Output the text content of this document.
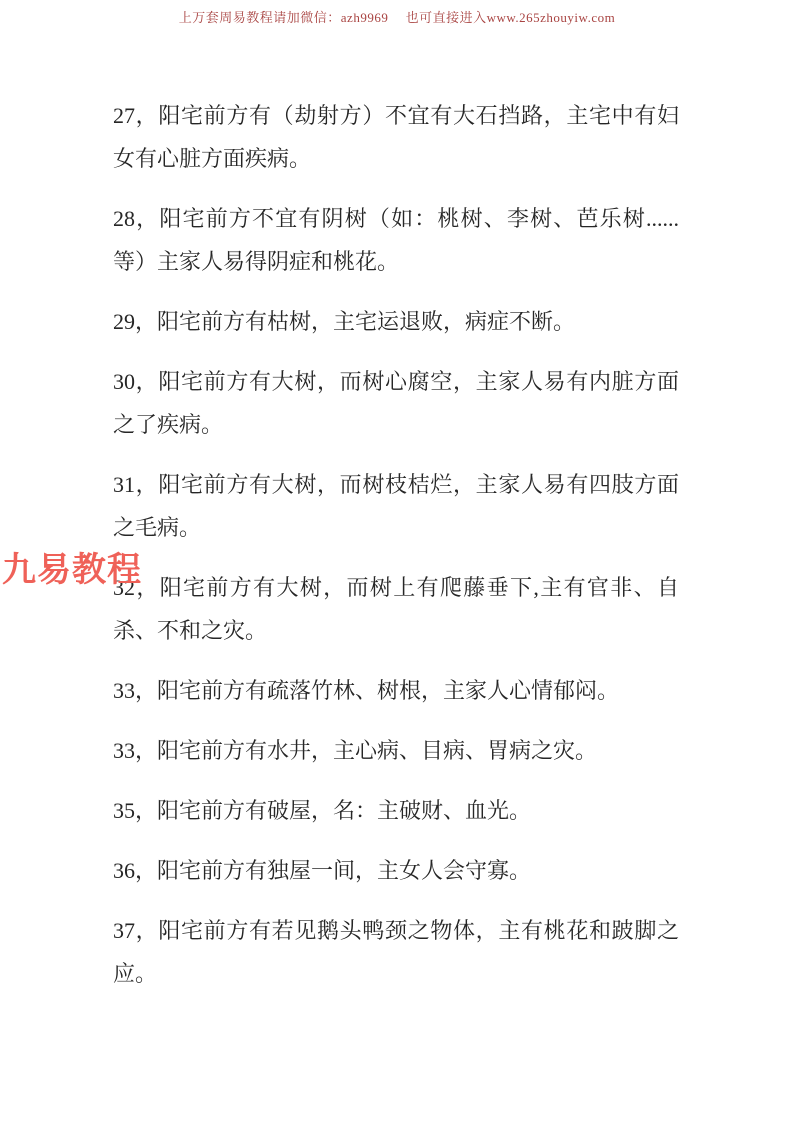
上万套周易教程请加微信：azh9969　 也可直接进入www.265zhouyiw.com

27，阳宅前方有（劫射方）不宜有大石挡路，主宅中有妇女有心脏方面疾病。

28，阳宅前方不宜有阴树（如：桃树、李树、芭乐树......等）主家人易得阴症和桃花。

29，阳宅前方有枯树，主宅运退败，病症不断。

30，阳宅前方有大树，而树心腐空，主家人易有内脏方面之了疾病。

31，阳宅前方有大树，而树枝桔烂，主家人易有四肢方面之毛病。

32，阳宅前方有大树，而树上有爬藤垂下,主有官非、自杀、不和之灾。

33，阳宅前方有疏落竹林、树根，主家人心情郁闷。

33，阳宅前方有水井，主心病、目病、胃病之灾。

35，阳宅前方有破屋，名：主破财、血光。

36，阳宅前方有独屋一间，主女人会守寡。

37，阳宅前方有若见鹅头鸭颈之物体，主有桃花和跛脚之应。

九易教程
